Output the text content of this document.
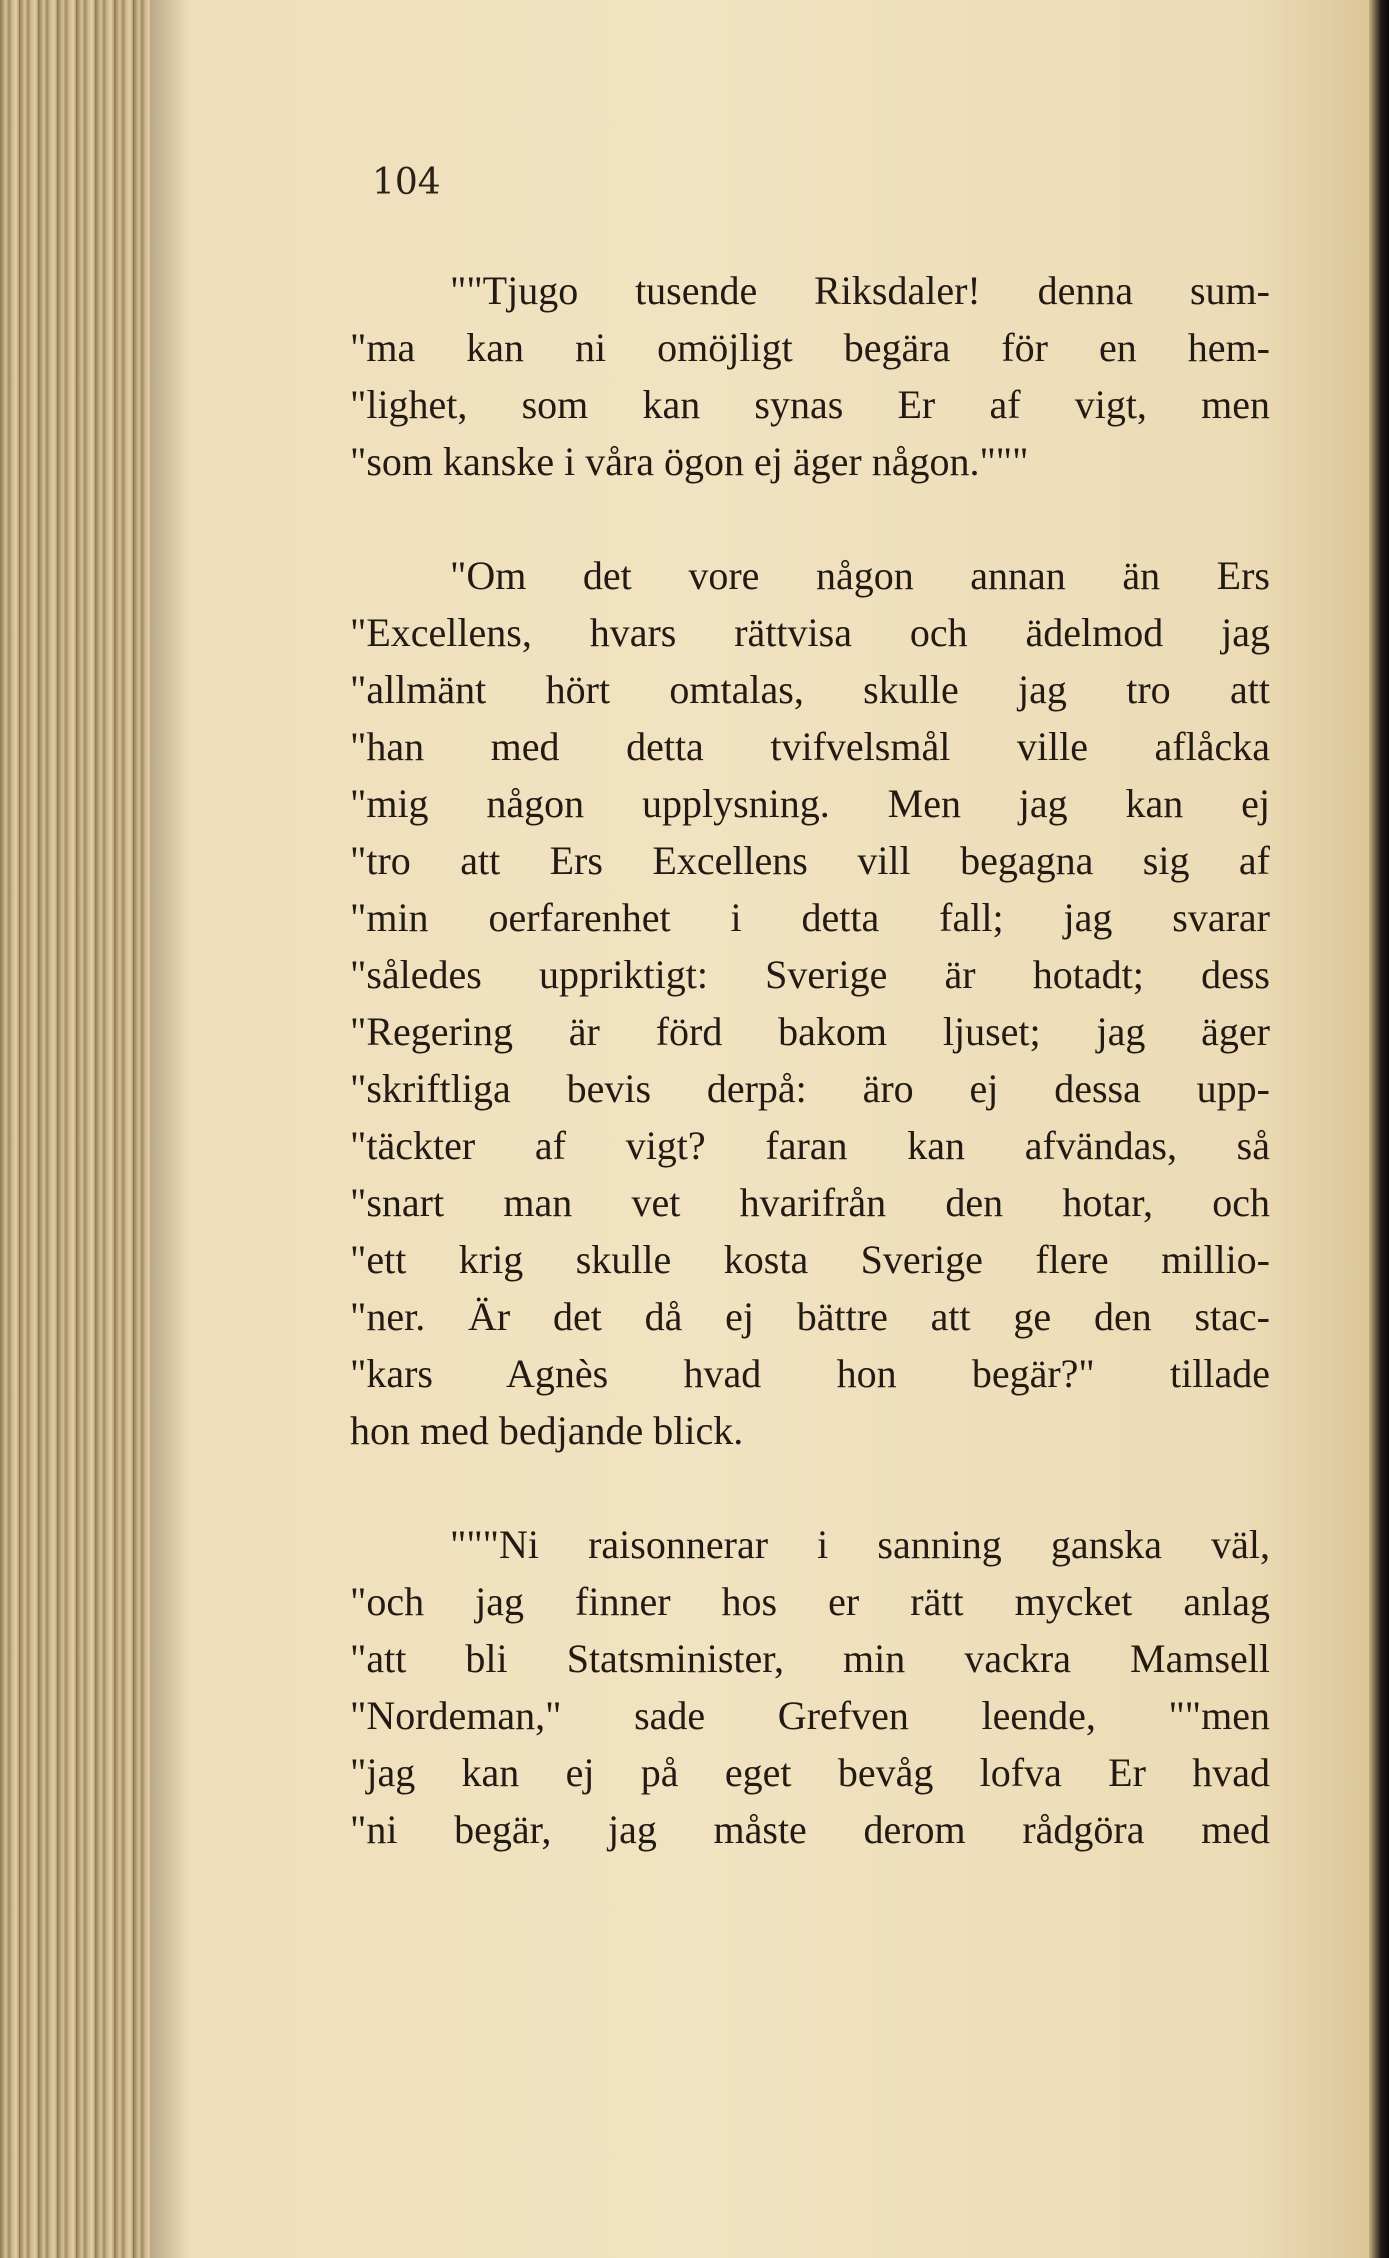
104

""Tjugo tusende Riksdaler! denna sum-
"ma kan ni omöjligt begära för en hem-
"lighet, som kan synas Er af vigt, men
"som kanske i våra ögon ej äger någon."""
"Om det vore någon annan än Ers
"Excellens, hvars rättvisa och ädelmod jag
"allmänt hört omtalas, skulle jag tro att
"han med detta tvifvelsmål ville aflåcka
"mig någon upplysning. Men jag kan ej
"tro att Ers Excellens vill begagna sig af
"min oerfarenhet i detta fall; jag svarar
"således uppriktigt: Sverige är hotadt; dess
"Regering är förd bakom ljuset; jag äger
"skriftliga bevis derpå: äro ej dessa upp-
"täckter af vigt? faran kan afvändas, så
"snart man vet hvarifrån den hotar, och
"ett krig skulle kosta Sverige flere millio-
"ner. Är det då ej bättre att ge den stac-
"kars Agnès hvad hon begär?" tillade
hon med bedjande blick.
"""Ni raisonnerar i sanning ganska väl,
"och jag finner hos er rätt mycket anlag
"att bli Statsminister, min vackra Mamsell
"Nordeman," sade Grefven leende, ""men
"jag kan ej på eget bevåg lofva Er hvad
"ni begär, jag måste derom rådgöra med
